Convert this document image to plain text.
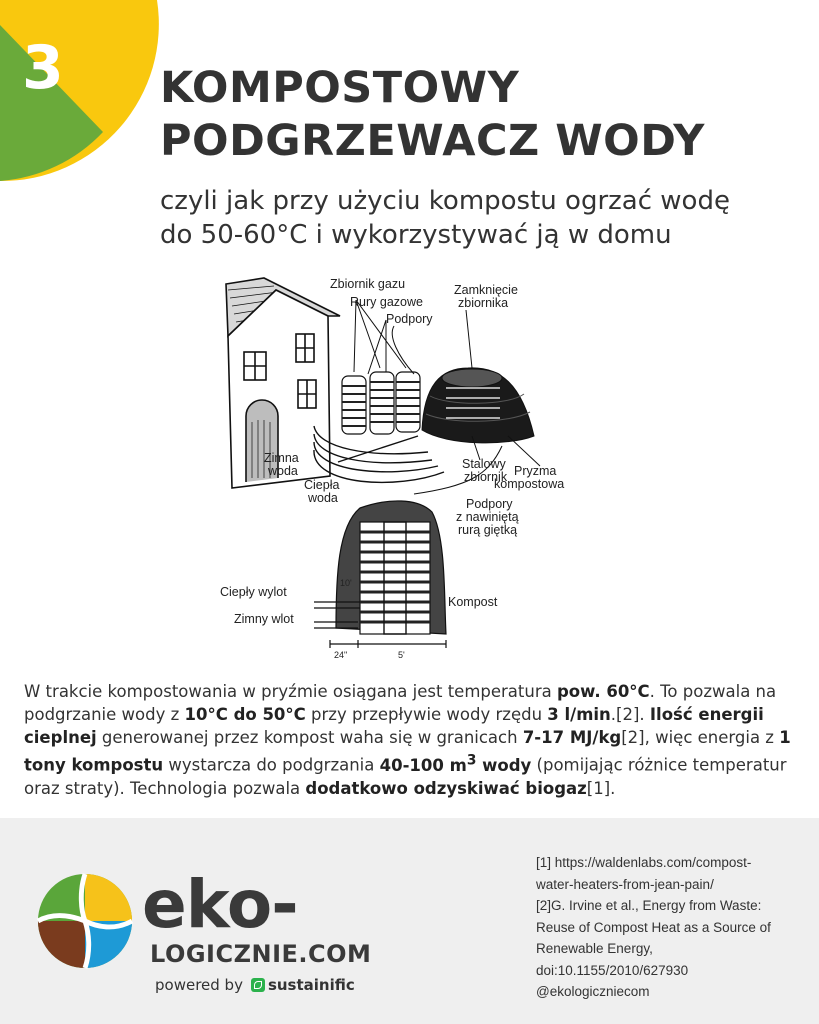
3 KOMPOSTOWY
PODGRZEWACZ WODY
czyli jak przy użyciu kompostu ogrzać wodę
do 50-60°C i wykorzystywać ją w domu
Zbiornik gazu
Rury gazowe
Podpory
Zamknięcie
zbiornika
Zimna
woda
Ciepła
woda
Stalowy
zbiornik Pryzma
kompostowa
Podpory
z nawiniętą
rurą giętką
Ciepły wylot
Zimny wlot
Kompost
10'
24"	5'
W trakcie kompostowania w pryźmie osiągana jest temperatura pow. 60°C. To pozwala na podgrzanie wody z 10°C do 50°C przy przepływie wody rzędu 3 l/min.[2]. Ilość energii cieplnej generowanej przez kompost waha się w granicach 7-17 MJ/kg[2], więc energia z 1 tony kompostu wystarcza do podgrzania 40-100 $m^3$ wody (pomijając różnice temperatur oraz straty). Technologia pozwala dodatkowo odzyskiwać biogaz[1].
eko-
LOGICZNIE.COM
powered by sustainific
[1] https://waldenlabs.com/compost-
water-heaters-from-jean-pain/
[2]G. Irvine et al., Energy from Waste:
Reuse of Compost Heat as a Source of
Renewable Energy,
doi:10.1155/2010/627930
@ekologiczniecom
